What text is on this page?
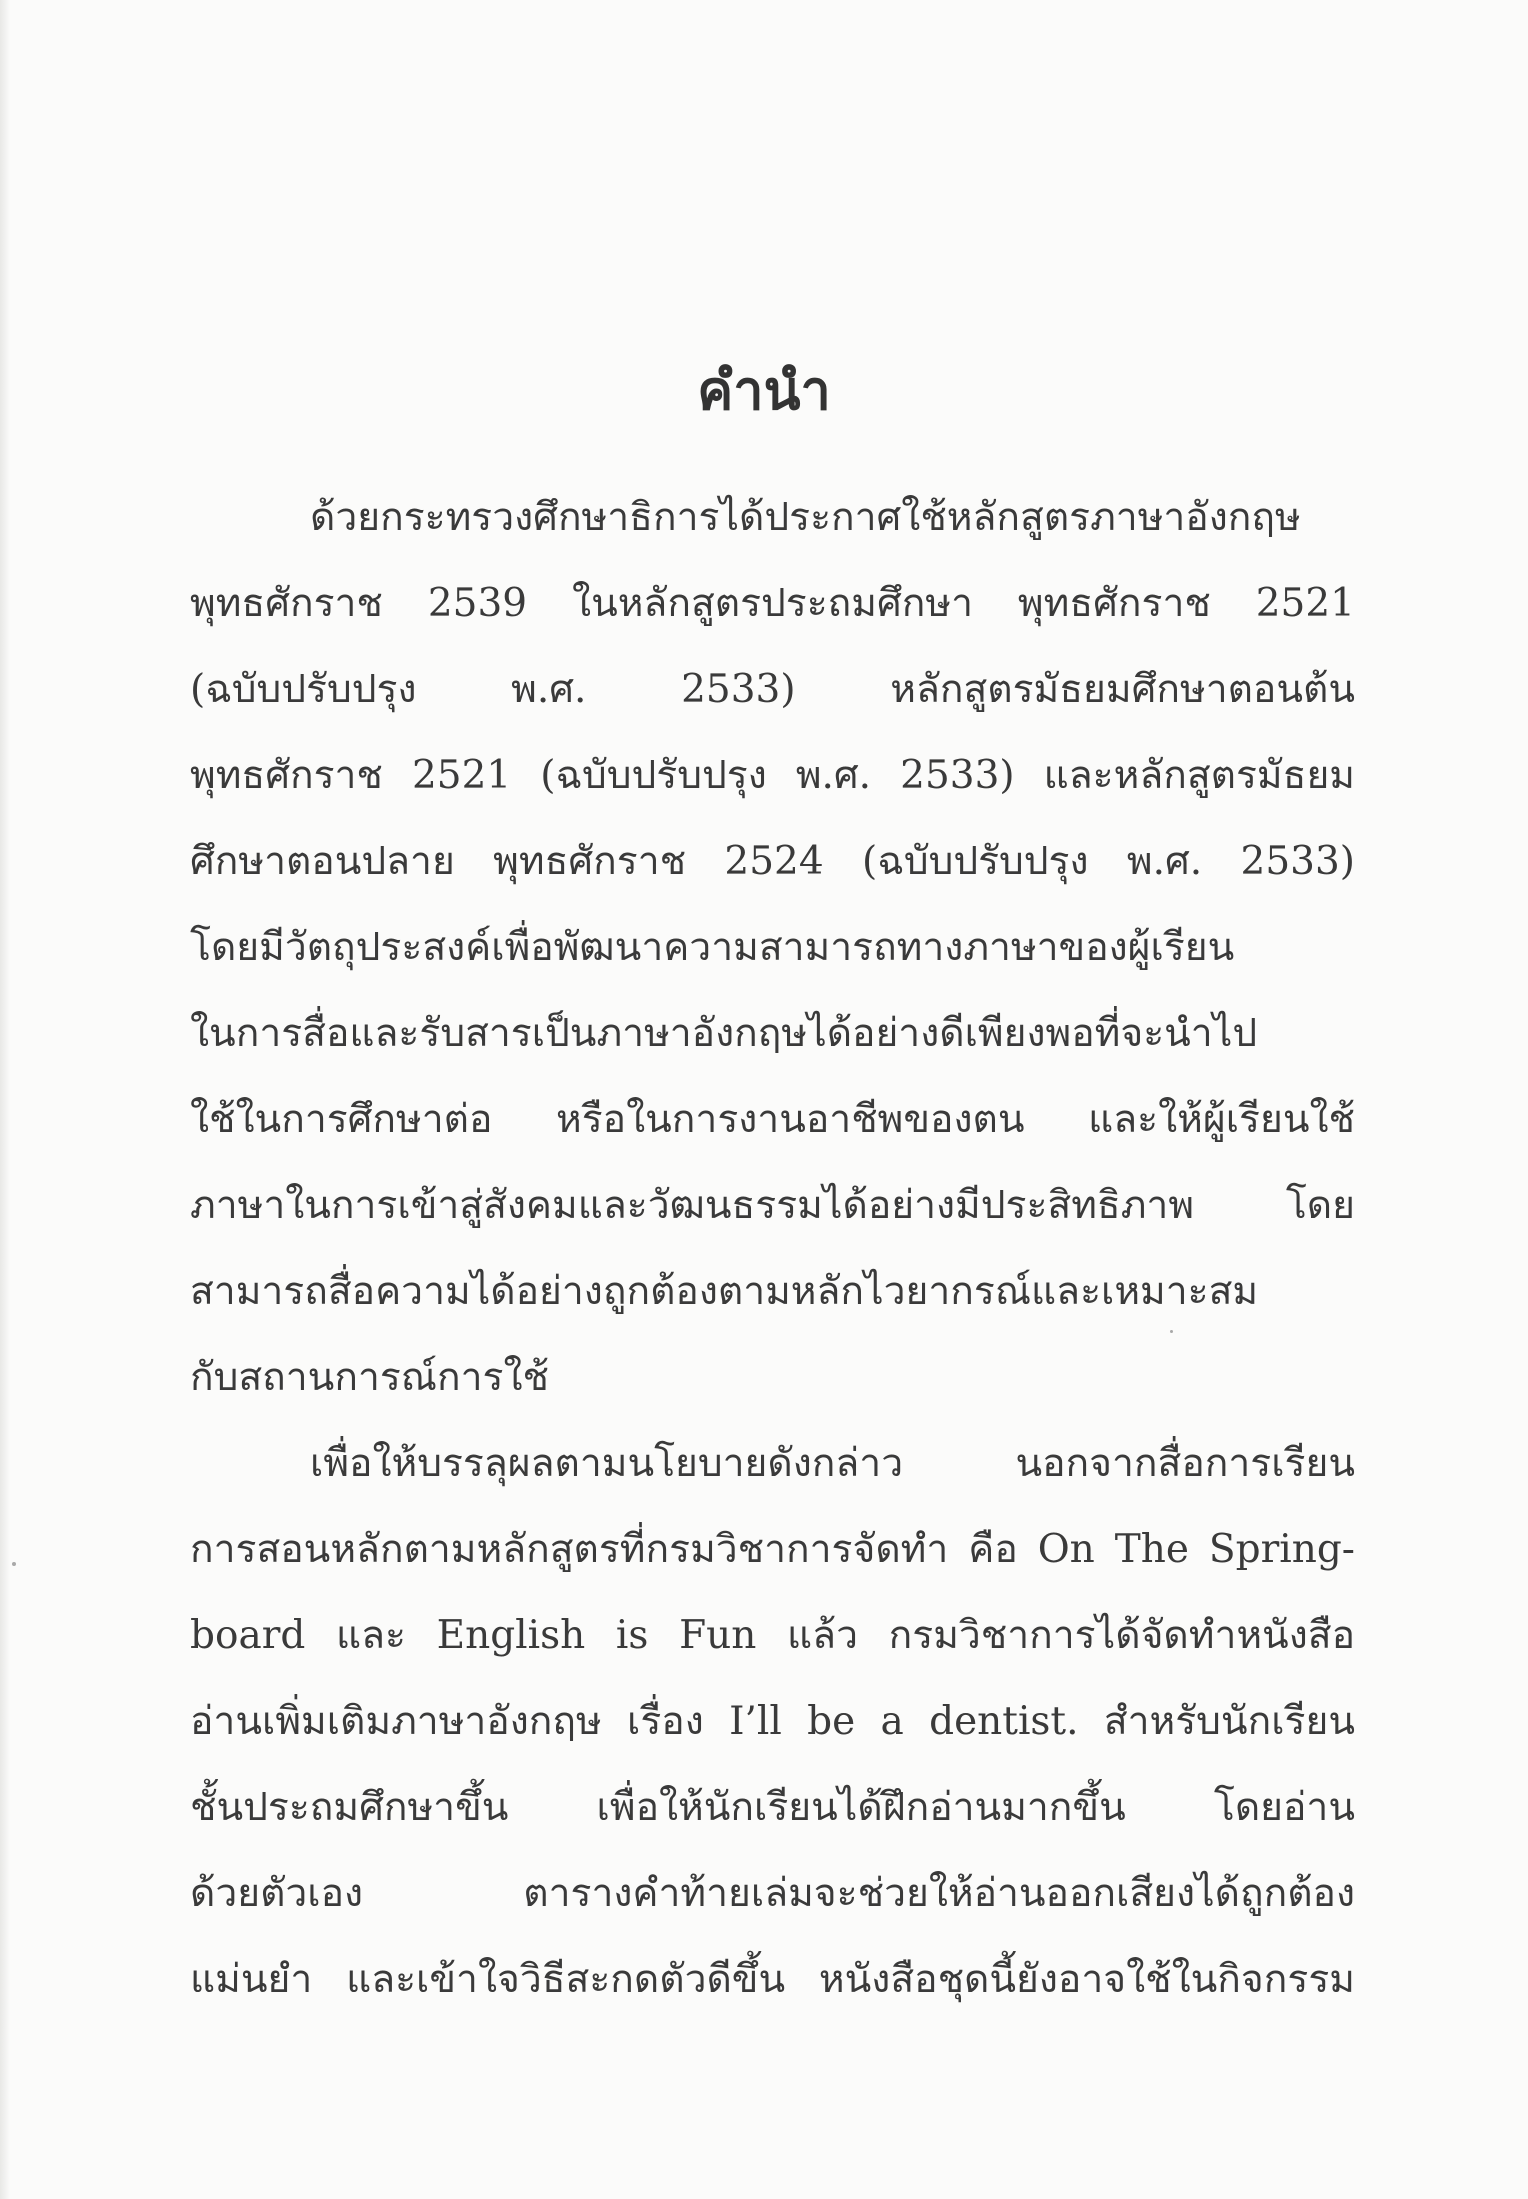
คำนำ
ด้วยกระทรวงศึกษาธิการได้ประกาศใช้หลักสูตรภาษาอังกฤษ
พุทธศักราช 2539 ในหลักสูตรประถมศึกษา พุทธศักราช 2521
(ฉบับปรับปรุง พ.ศ. 2533) หลักสูตรมัธยมศึกษาตอนต้น
พุทธศักราช 2521 (ฉบับปรับปรุง พ.ศ. 2533) และหลักสูตรมัธยม
ศึกษาตอนปลาย พุทธศักราช 2524 (ฉบับปรับปรุง พ.ศ. 2533)
โดยมีวัตถุประสงค์เพื่อพัฒนาความสามารถทางภาษาของผู้เรียน
ในการสื่อและรับสารเป็นภาษาอังกฤษได้อย่างดีเพียงพอที่จะนำไป
ใช้ในการศึกษาต่อ หรือในการงานอาชีพของตน และให้ผู้เรียนใช้
ภาษาในการเข้าสู่สังคมและวัฒนธรรมได้อย่างมีประสิทธิภาพ โดย
สามารถสื่อความได้อย่างถูกต้องตามหลักไวยากรณ์และเหมาะสม
กับสถานการณ์การใช้
เพื่อให้บรรลุผลตามนโยบายดังกล่าว นอกจากสื่อการเรียน
การสอนหลักตามหลักสูตรที่กรมวิชาการจัดทำ คือ On The Spring-
board และ English is Fun แล้ว กรมวิชาการได้จัดทำหนังสือ
อ่านเพิ่มเติมภาษาอังกฤษ เรื่อง I’ll be a dentist. สำหรับนักเรียน
ชั้นประถมศึกษาขึ้น เพื่อให้นักเรียนได้ฝึกอ่านมากขึ้น โดยอ่าน
ด้วยตัวเอง ตารางคำท้ายเล่มจะช่วยให้อ่านออกเสียงได้ถูกต้อง
แม่นยำ และเข้าใจวิธีสะกดตัวดีขึ้น หนังสือชุดนี้ยังอาจใช้ในกิจกรรม
